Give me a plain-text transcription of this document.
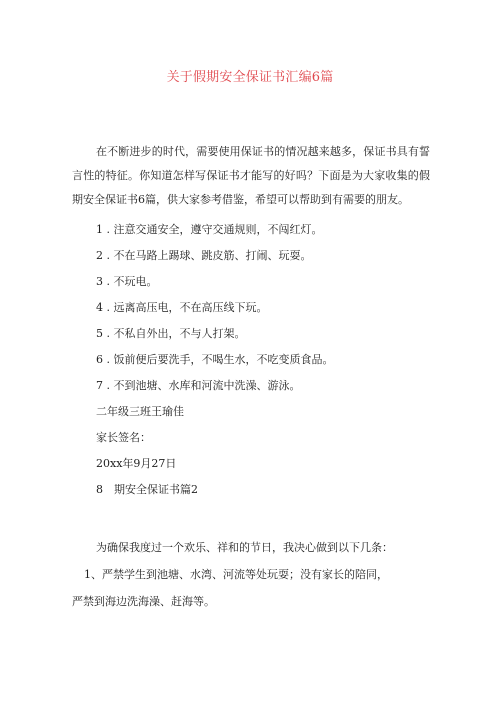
关于假期安全保证书汇编6篇

在不断进步的时代，需要使用保证书的情况越来越多，保证书具有誓言性的特征。你知道怎样写保证书才能写的好吗？下面是为大家收集的假期安全保证书6篇，供大家参考借鉴，希望可以帮助到有需要的朋友。

1 . 注意交通安全，遵守交通规则，不闯红灯。

2 . 不在马路上踢球、跳皮筋、打闹、玩耍。

3 . 不玩电。

4 . 远离高压电，不在高压线下玩。

5 . 不私自外出，不与人打架。

6 . 饭前便后要洗手，不喝生水，不吃变质食品。

7 . 不到池塘、水库和河流中洗澡、游泳。

二年级三班王瑜佳

家长签名：

20xx年9月27日

8　期安全保证书篇2

为确保我度过一个欢乐、祥和的节日，我决心做到以下几条：

1、严禁学生到池塘、水湾、河流等处玩耍；没有家长的陪同，

严禁到海边洗海澡、赶海等。
